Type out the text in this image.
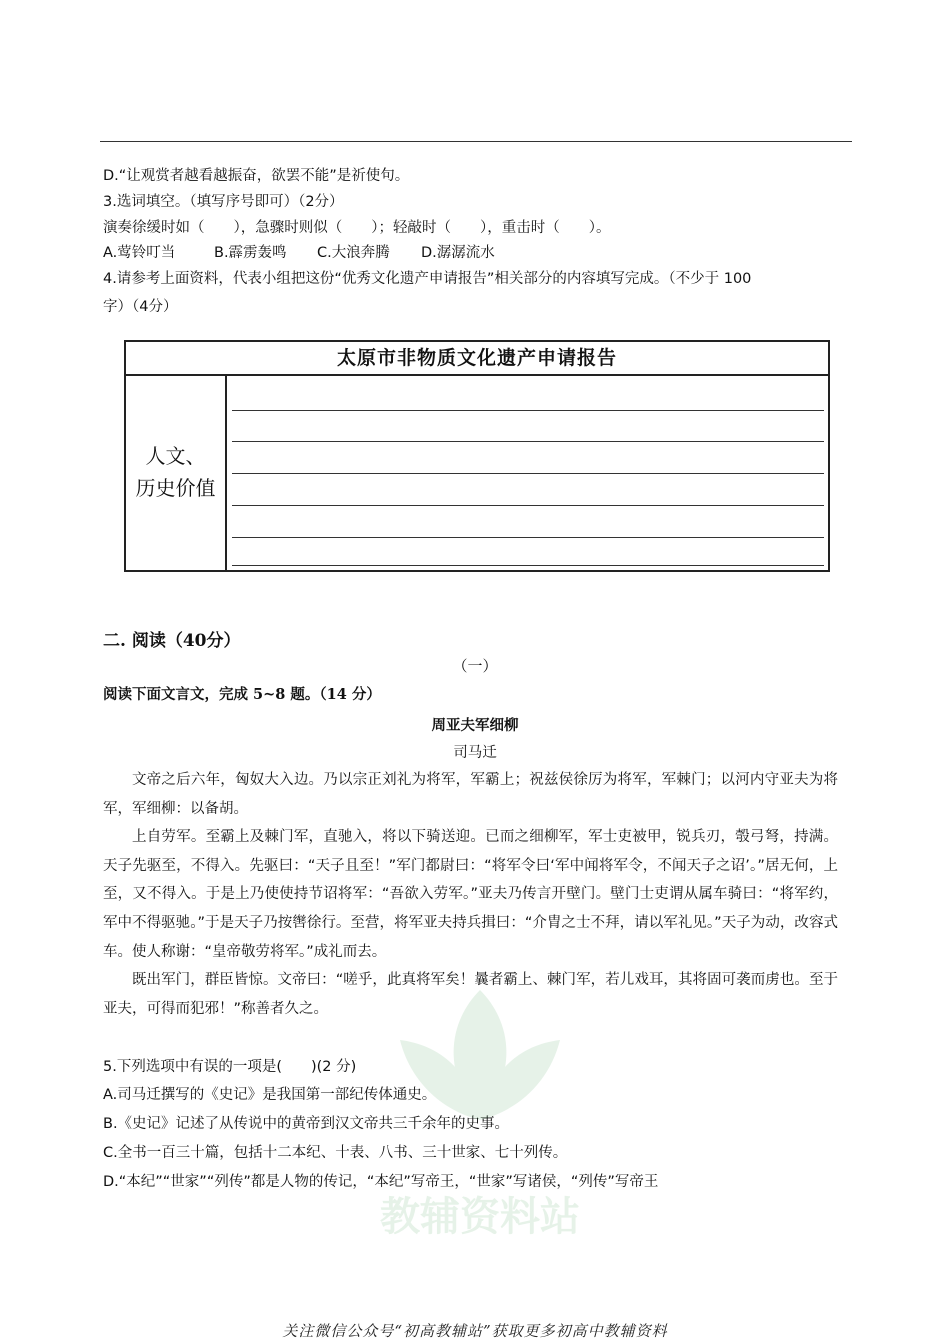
D.“让观赏者越看越振奋，欲罢不能”是祈使句。
3.选词填空。（填写序号即可）（2分）
演奏徐缓时如（　　），急骤时则似（　　）；轻敲时（　　），重击时（　　）。
A.莺铃叮当	B.霹雳轰鸣 C.大浪奔腾 D.潺潺流水
4.请参考上面资料，代表小组把这份“优秀文化遗产申请报告”相关部分的内容填写完成。（不少于 100
字）（4分）
太原市非物质文化遗产申请报告
人文、
历史价值
二. 阅读（40分）
（一）
阅读下面文言文，完成 5~8 题。（14 分）
周亚夫军细柳
司马迁

文帝之后六年，匈奴大入边。乃以宗正刘礼为将军，军霸上；祝兹侯徐厉为将军，军棘门；以河内守亚夫为将军，军细柳：以备胡。

上自劳军。至霸上及棘门军，直驰入，将以下骑送迎。已而之细柳军，军士吏被甲，锐兵刃，彀弓弩，持满。天子先驱至，不得入。先驱曰：“天子且至！”军门都尉曰：“将军令曰‘军中闻将军令，不闻天子之诏’。”居无何，上至，又不得入。于是上乃使使持节诏将军：“吾欲入劳军。”亚夫乃传言开壁门。壁门士吏谓从属车骑曰：“将军约，军中不得驱驰。”于是天子乃按辔徐行。至营，将军亚夫持兵揖曰：“介胄之士不拜，请以军礼见。”天子为动，改容式车。使人称谢：“皇帝敬劳将军。”成礼而去。

既出军门，群臣皆惊。文帝曰：“嗟乎，此真将军矣！曩者霸上、棘门军，若儿戏耳，其将固可袭而虏也。至于亚夫，可得而犯邪！”称善者久之。

5.下列选项中有误的一项是(　　)(2 分)
A.司马迁撰写的《史记》是我国第一部纪传体通史。
B.《史记》记述了从传说中的黄帝到汉文帝共三千余年的史事。
C.全书一百三十篇，包括十二本纪、十表、八书、三十世家、七十列传。
D.“本纪”“世家”“列传”都是人物的传记，“本纪”写帝王，“世家”写诸侯，“列传”写帝王
教辅资料站
关注微信公众号“初高教辅站”获取更多初高中教辅资料
